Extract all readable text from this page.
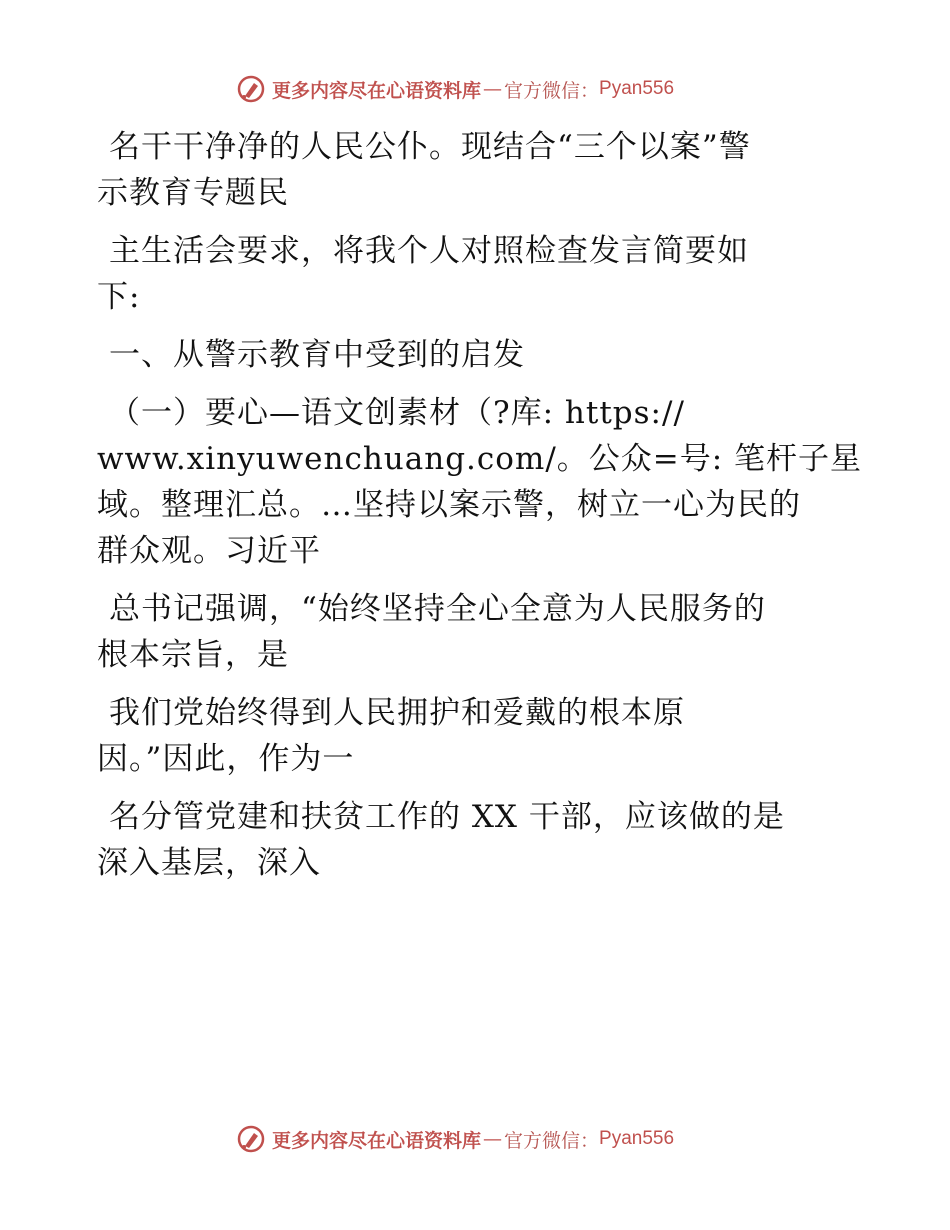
更多内容尽在心语资料库 — 官方微信： Pyan556
名干干净净的人民公仆。现结合“三个以案”警
示教育专题民
主生活会要求，将我个人对照检查发言简要如
下:
一、从警示教育中受到的启发
（一）要心—语文创素材（?库: https://
www.xinyuwenchuang.com/。公众=号: 笔杆子星
域。整理汇总。…坚持以案示警，树立一心为民的
群众观。习近平
总书记强调，“始终坚持全心全意为人民服务的
根本宗旨，是
我们党始终得到人民拥护和爱戴的根本原
因。”因此，作为一
名分管党建和扶贫工作的 XX 干部，应该做的是
深入基层，深入
更多内容尽在心语资料库 — 官方微信： Pyan556
